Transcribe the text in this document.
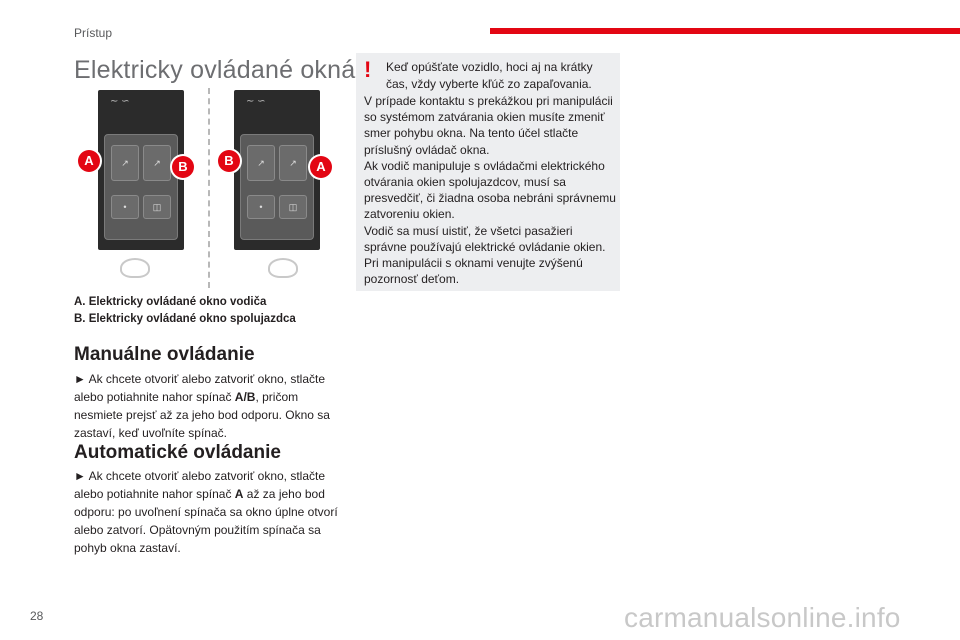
Prístup
Elektricky ovládané okná
↗	↗
•	◫
∼ ∽
A	B	↗	↗
•	◫
∼ ∽
B	A
A. Elektricky ovládané okno vodiča
B. Elektricky ovládané okno spolujazdca
Manuálne ovládanie
► Ak chcete otvoriť alebo zatvoriť okno, stlačte alebo potiahnite nahor spínač A/B, pričom nesmiete prejsť až za jeho bod odporu. Okno sa zastaví, keď uvoľníte spínač.
Automatické ovládanie
► Ak chcete otvoriť alebo zatvoriť okno, stlačte alebo potiahnite nahor spínač A až za jeho bod odporu: po uvoľnení spínača sa okno úplne otvorí alebo zatvorí. Opätovným použitím spínača sa pohyb okna zastaví.
! Keď opúšťate vozidlo, hoci aj na krátky čas, vždy vyberte kľúč zo zapaľovania.
V prípade kontaktu s prekážkou pri manipulácii so systémom zatvárania okien musíte zmeniť smer pohybu okna. Na tento účel stlačte príslušný ovládač okna.
Ak vodič manipuluje s ovládačmi elektrického otvárania okien spolujazdcov, musí sa presvedčiť, či žiadna osoba nebráni správnemu zatvoreniu okien.
Vodič sa musí uistiť, že všetci pasažieri správne používajú elektrické ovládanie okien. Pri manipulácii s oknami venujte zvýšenú pozornosť deťom.
28	carmanualsonline.info
